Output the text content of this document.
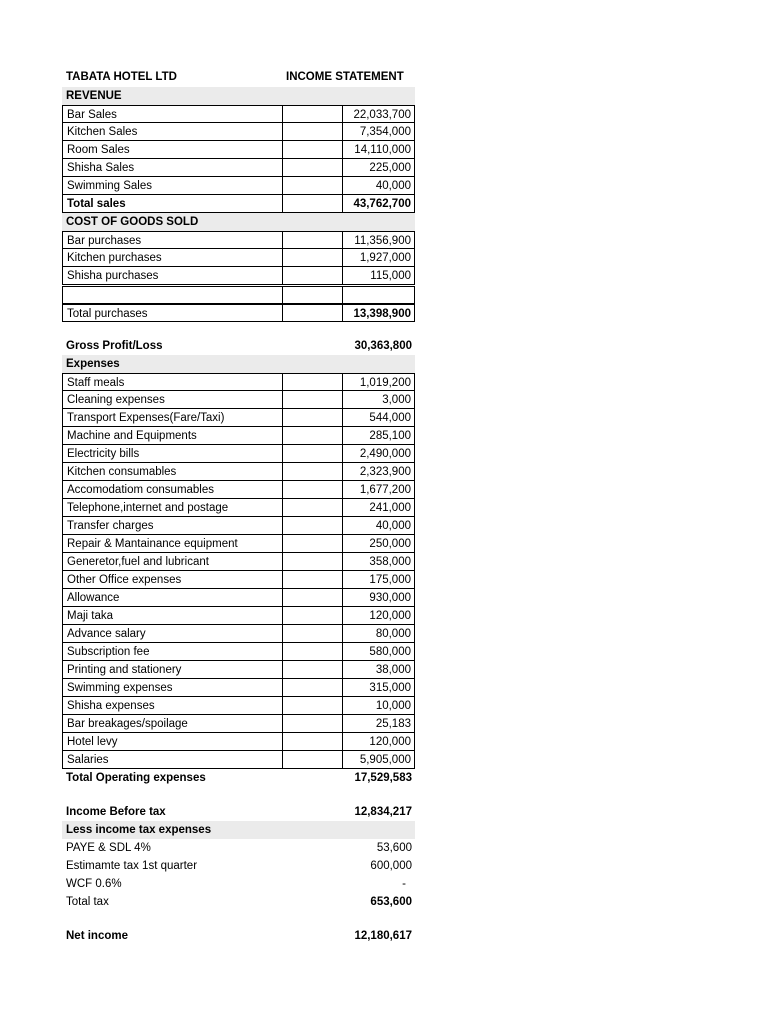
TABATA HOTEL LTD	INCOME STATEMENT
REVENUE
Bar Sales	22,033,700
Kitchen Sales	7,354,000
Room Sales	14,110,000
Shisha Sales	225,000
Swimming Sales	40,000
Total sales	43,762,700
COST OF GOODS SOLD
Bar purchases	11,356,900
Kitchen purchases	1,927,000
Shisha purchases	115,000
Total purchases	13,398,900
Gross Profit/Loss	30,363,800
Expenses
Staff meals	1,019,200
Cleaning expenses	3,000
Transport Expenses(Fare/Taxi)	544,000
Machine and Equipments	285,100
Electricity bills	2,490,000
Kitchen consumables	2,323,900
Accomodatiom consumables	1,677,200
Telephone,internet and postage	241,000
Transfer charges	40,000
Repair & Mantainance equipment	250,000
Generetor,fuel and lubricant	358,000
Other Office expenses	175,000
Allowance	930,000
Maji taka	120,000
Advance salary	80,000
Subscription fee	580,000
Printing and stationery	38,000
Swimming expenses	315,000
Shisha expenses	10,000
Bar breakages/spoilage	25,183
Hotel levy	120,000
Salaries	5,905,000
Total Operating expenses	17,529,583
Income Before tax	12,834,217
Less income tax expenses
PAYE & SDL 4%	53,600
Estimamte tax 1st quarter	600,000
WCF 0.6%	-
Total tax	653,600
Net income	12,180,617
